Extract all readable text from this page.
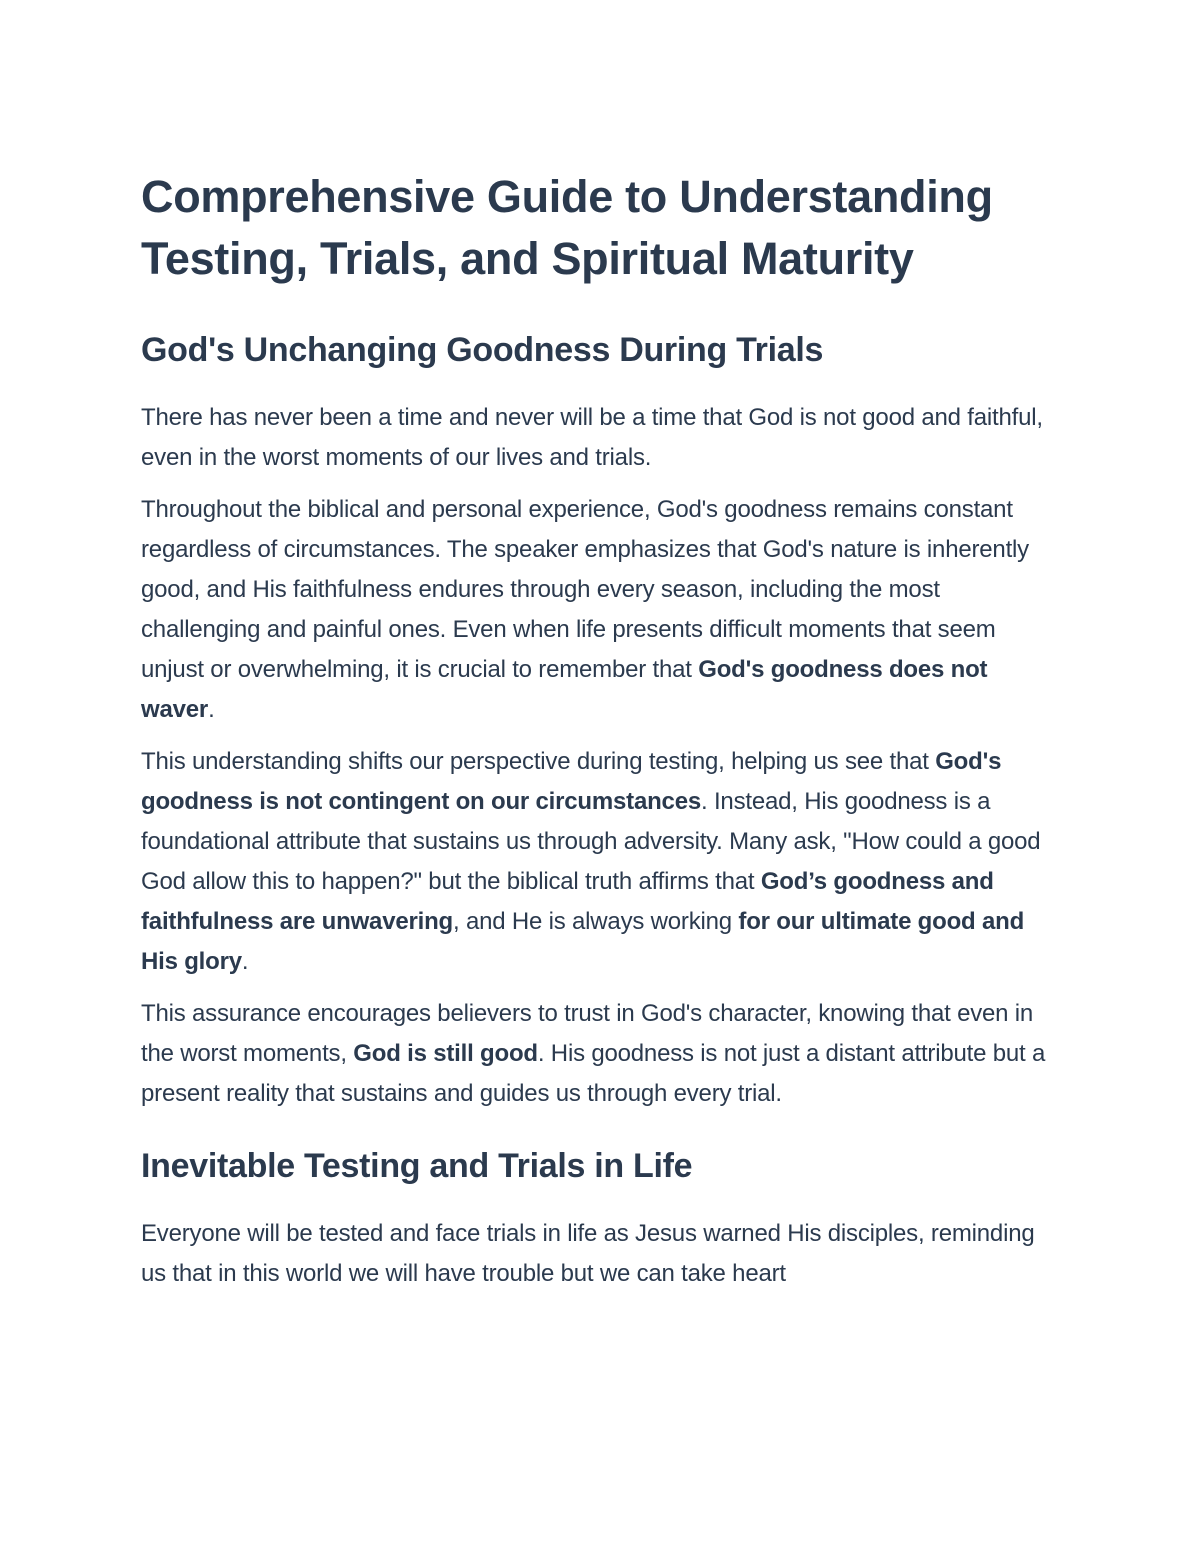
Comprehensive Guide to Understanding Testing, Trials, and Spiritual Maturity
God's Unchanging Goodness During Trials

There has never been a time and never will be a time that God is not good and faithful, even in the worst moments of our lives and trials.

Throughout the biblical and personal experience, God's goodness remains constant regardless of circumstances. The speaker emphasizes that God's nature is inherently good, and His faithfulness endures through every season, including the most challenging and painful ones. Even when life presents difficult moments that seem unjust or overwhelming, it is crucial to remember that God's goodness does not waver.

This understanding shifts our perspective during testing, helping us see that God's goodness is not contingent on our circumstances. Instead, His goodness is a foundational attribute that sustains us through adversity. Many ask, "How could a good God allow this to happen?" but the biblical truth affirms that God’s goodness and faithfulness are unwavering, and He is always working for our ultimate good and His glory.

This assurance encourages believers to trust in God's character, knowing that even in the worst moments, God is still good. His goodness is not just a distant attribute but a present reality that sustains and guides us through every trial.

Inevitable Testing and Trials in Life

Everyone will be tested and face trials in life as Jesus warned His disciples, reminding us that in this world we will have trouble but we can take heart
